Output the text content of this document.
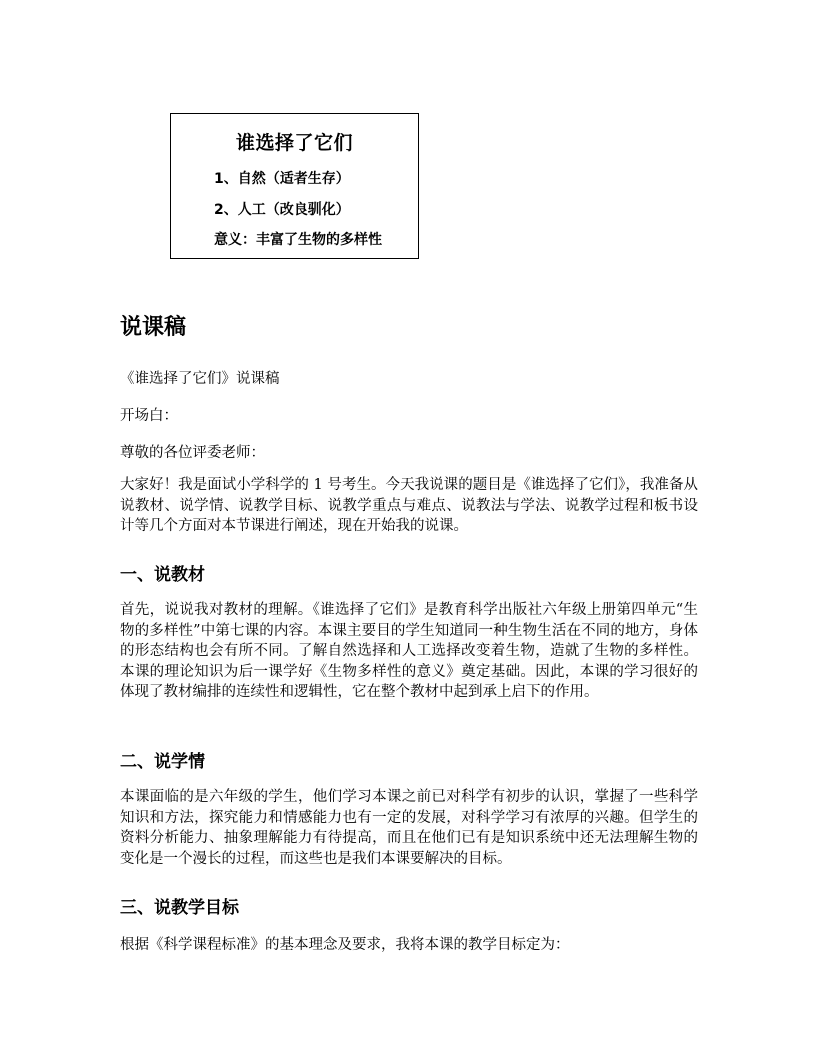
谁选择了它们
1、自然（适者生存）
2、人工（改良驯化）
意义：丰富了生物的多样性
说课稿

《谁选择了它们》说课稿

开场白：

尊敬的各位评委老师：

大家好！我是面试小学科学的 1 号考生。今天我说课的题目是《谁选择了它们》，我准备从说教材、说学情、说教学目标、说教学重点与难点、说教法与学法、说教学过程和板书设计等几个方面对本节课进行阐述，现在开始我的说课。

一、说教材

首先，说说我对教材的理解。《谁选择了它们》是教育科学出版社六年级上册第四单元“生物的多样性”中第七课的内容。本课主要目的学生知道同一种生物生活在不同的地方，身体的形态结构也会有所不同。了解自然选择和人工选择改变着生物，造就了生物的多样性。本课的理论知识为后一课学好《生物多样性的意义》奠定基础。因此，本课的学习很好的体现了教材编排的连续性和逻辑性，它在整个教材中起到承上启下的作用。

二、说学情

本课面临的是六年级的学生，他们学习本课之前已对科学有初步的认识，掌握了一些科学知识和方法，探究能力和情感能力也有一定的发展，对科学学习有浓厚的兴趣。但学生的资料分析能力、抽象理解能力有待提高，而且在他们已有是知识系统中还无法理解生物的变化是一个漫长的过程，而这些也是我们本课要解决的目标。

三、说教学目标

根据《科学课程标准》的基本理念及要求，我将本课的教学目标定为：
